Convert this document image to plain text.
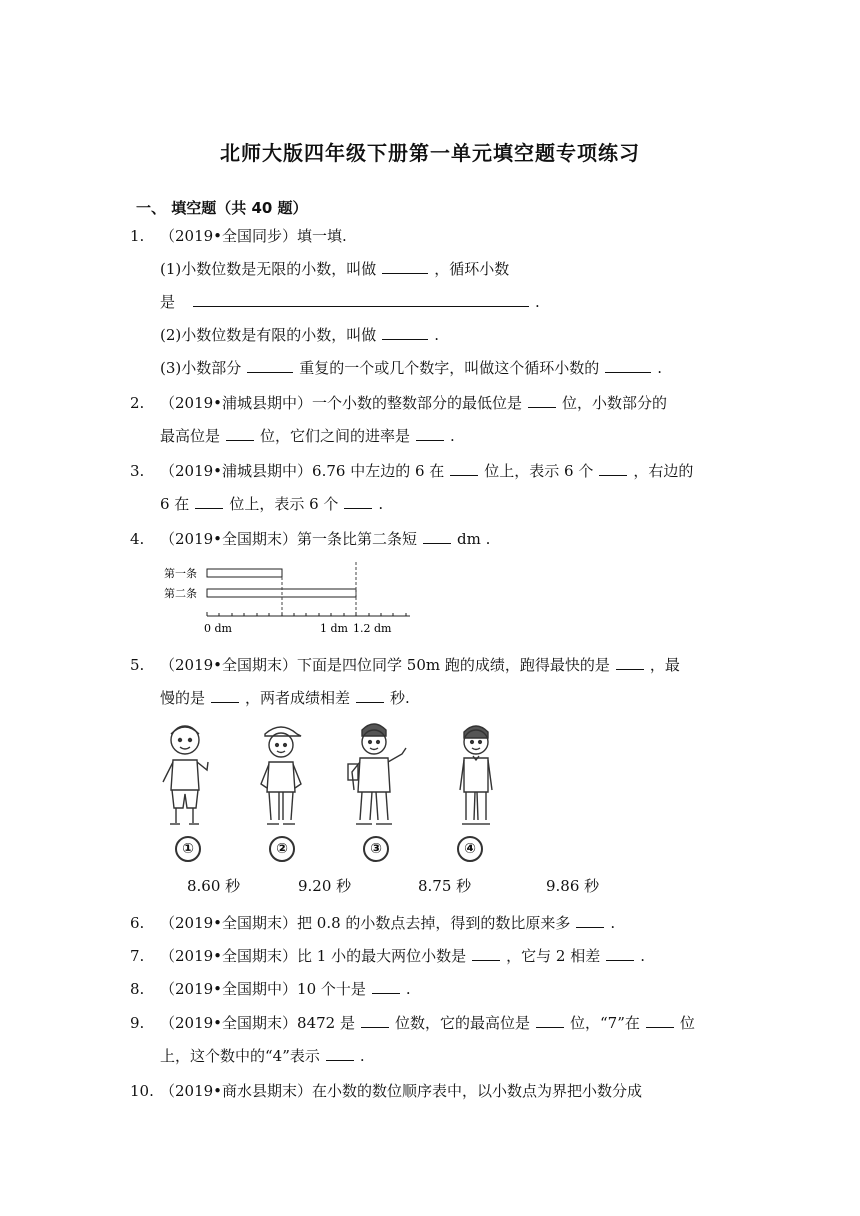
北师大版四年级下册第一单元填空题专项练习
一、 填空题（共 40 题）
1. （2019•全国同步）填一填.
(1)小数位数是无限的小数，叫做	，循环小数
是	.
(2)小数位数是有限的小数，叫做	.
(3)小数部分	重复的一个或几个数字，叫做这个循环小数的	.
2. （2019•浦城县期中）一个小数的整数部分的最低位是	位，小数部分的
最高位是	位，它们之间的进率是	.
3. （2019•浦城县期中）6.76 中左边的 6 在	位上，表示 6 个	，右边的
6 在	位上，表示 6 个	.
4. （2019•全国期末）第一条比第二条短	dm .
第一条
第二条
0 dm	1 dm 1.2 dm
5. （2019•全国期末）下面是四位同学 50m 跑的成绩，跑得最快的是	，最
慢的是	，两者成绩相差	秒.
①	②	③	④
8.60 秒	9.20 秒	8.75 秒	9.86 秒
6. （2019•全国期末）把 0.8 的小数点去掉，得到的数比原来多	.
7. （2019•全国期末）比 1 小的最大两位小数是	，它与 2 相差	.
8. （2019•全国期中）10 个十是	.
9. （2019•全国期末）8472 是	位数，它的最高位是	位，“7”在	位
上，这个数中的“4”表示	.
10. （2019•商水县期末）在小数的数位顺序表中，以小数点为界把小数分成
